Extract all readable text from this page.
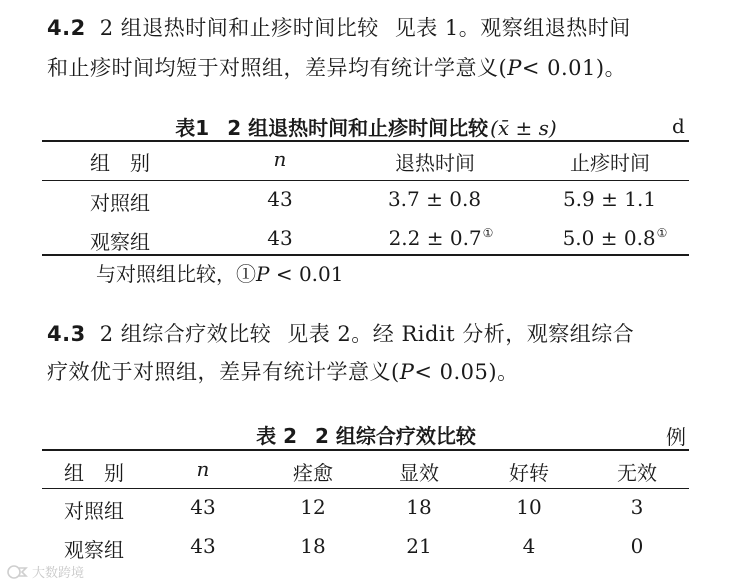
4.2 2 组退热时间和止疹时间比较 见表 1。观察组退热时间
和止疹时间均短于对照组，差异均有统计学意义(P< 0.01)。
表1 2 组退热时间和止疹时间比较 (x̄ ± s)	d
组　别	n	退热时间	止疹时间
对照组	43	3.7 ± 0.8	5.9 ± 1.1
观察组	43	2.2 ± 0.7①	5.0 ± 0.8①
与对照组比较，①P < 0.01
4.3 2 组综合疗效比较 见表 2。经 Ridit 分析，观察组综合
疗效优于对照组，差异有统计学意义(P< 0.05)。
表 2 2 组综合疗效比较	例
组　别	n	痊愈	显效	好转	无效
对照组	43	12	18	10	3
观察组	43	18	21	4	0
大数跨境
